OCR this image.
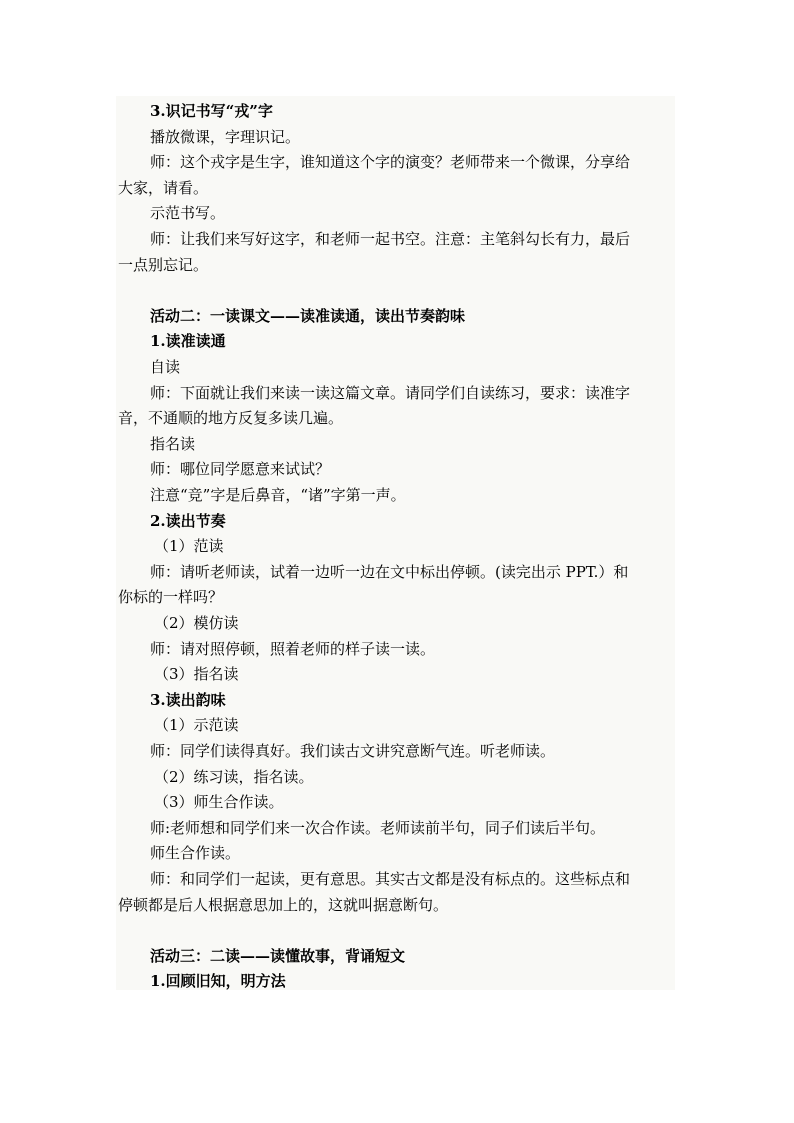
3.识记书写“戎”字
播放微课，字理识记。
师：这个戎字是生字，谁知道这个字的演变？老师带来一个微课，分享给
大家，请看。
示范书写。
师：让我们来写好这字，和老师一起书空。注意：主笔斜勾长有力，最后
一点别忘记。
活动二：一读课文——读准读通，读出节奏韵味
1.读准读通
自读
师：下面就让我们来读一读这篇文章。请同学们自读练习，要求：读准字
音，不通顺的地方反复多读几遍。
指名读
师：哪位同学愿意来试试？
注意“竞”字是后鼻音，“诸”字第一声。
2.读出节奏
（1）范读
师：请听老师读，试着一边听一边在文中标出停顿。(读完出示 PPT.）和
你标的一样吗？
（2）模仿读
师：请对照停顿，照着老师的样子读一读。
（3）指名读
3.读出韵味
（1）示范读
师：同学们读得真好。我们读古文讲究意断气连。听老师读。
（2）练习读，指名读。
（3）师生合作读。
师:老师想和同学们来一次合作读。老师读前半句，同子们读后半句。
师生合作读。
师：和同学们一起读，更有意思。其实古文都是没有标点的。这些标点和
停顿都是后人根据意思加上的，这就叫据意断句。
活动三：二读——读懂故事，背诵短文
1.回顾旧知，明方法
